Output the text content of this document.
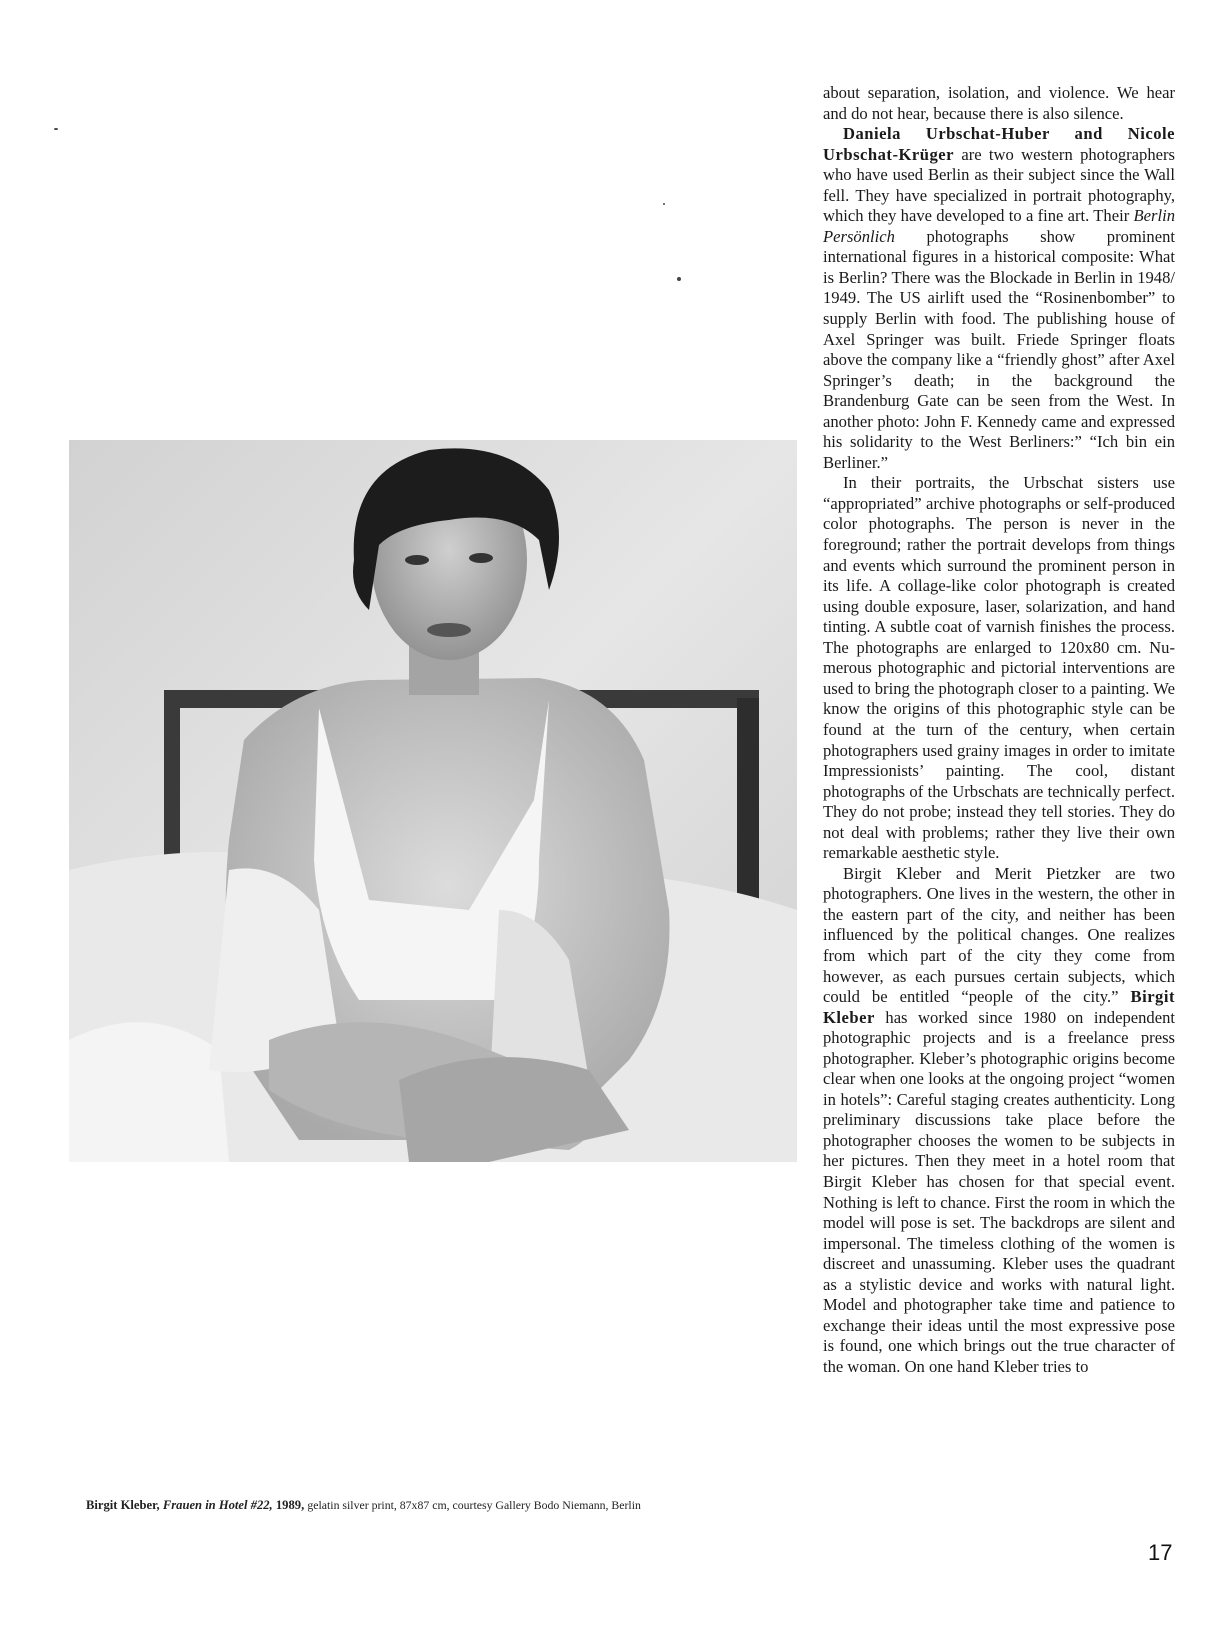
Birgit Kleber, Frauen in Hotel #22, 1989, gelatin silver print, 87x87 cm, courtesy Gallery Bodo Niemann, Berlin

about separation, isolation, and violence. We hear and do not hear, because there is also silence.

Daniela Urbschat-Huber and Nicole Urbschat-Krüger are two western photographers who have used Berlin as their subject since the Wall fell. They have specialized in portrait photography, which they have developed to a fine art. Their Berlin Persönlich photographs show prominent international figures in a historical composite: What is Berlin? There was the Blockade in Berlin in 1948/ 1949. The US airlift used the “Rosinenbomber” to supply Berlin with food. The publishing house of Axel Springer was built. Friede Springer floats above the company like a “friendly ghost” after Axel Springer’s death; in the background the Brandenburg Gate can be seen from the West. In another photo: John F. Kennedy came and expressed his solidarity to the West Berliners:” “Ich bin ein Berliner.”

In their portraits, the Urbschat sisters use “appropriated” archive photographs or self-produced color photographs. The person is never in the foreground; rather the portrait develops from things and events which surround the prominent person in its life. A collage-like color photograph is created using double exposure, laser, solarization, and hand tinting. A subtle coat of varnish finishes the process. The photographs are enlarged to 120x80 cm. Numerous photographic and pictorial interventions are used to bring the photograph closer to a painting. We know the origins of this photographic style can be found at the turn of the century, when certain photographers used grainy images in order to imitate Impressionists’ painting. The cool, distant photographs of the Urbschats are technically perfect. They do not probe; instead they tell stories. They do not deal with problems; rather they live their own remarkable aesthetic style.

Birgit Kleber and Merit Pietzker are two photographers. One lives in the western, the other in the eastern part of the city, and neither has been influenced by the political changes. One realizes from which part of the city they come from however, as each pursues certain subjects, which could be entitled “people of the city.” Birgit Kleber has worked since 1980 on independent photographic projects and is a freelance press photographer. Kleber’s photographic origins become clear when one looks at the ongoing project “women in hotels”: Careful staging creates authenticity. Long preliminary discussions take place before the photographer chooses the women to be subjects in her pictures. Then they meet in a hotel room that Birgit Kleber has chosen for that special event. Nothing is left to chance. First the room in which the model will pose is set. The backdrops are silent and impersonal. The timeless clothing of the women is discreet and unassuming. Kleber uses the quadrant as a stylistic device and works with natural light. Model and photographer take time and patience to exchange their ideas until the most expressive pose is found, one which brings out the true character of the woman. On one hand Kleber tries to

17
